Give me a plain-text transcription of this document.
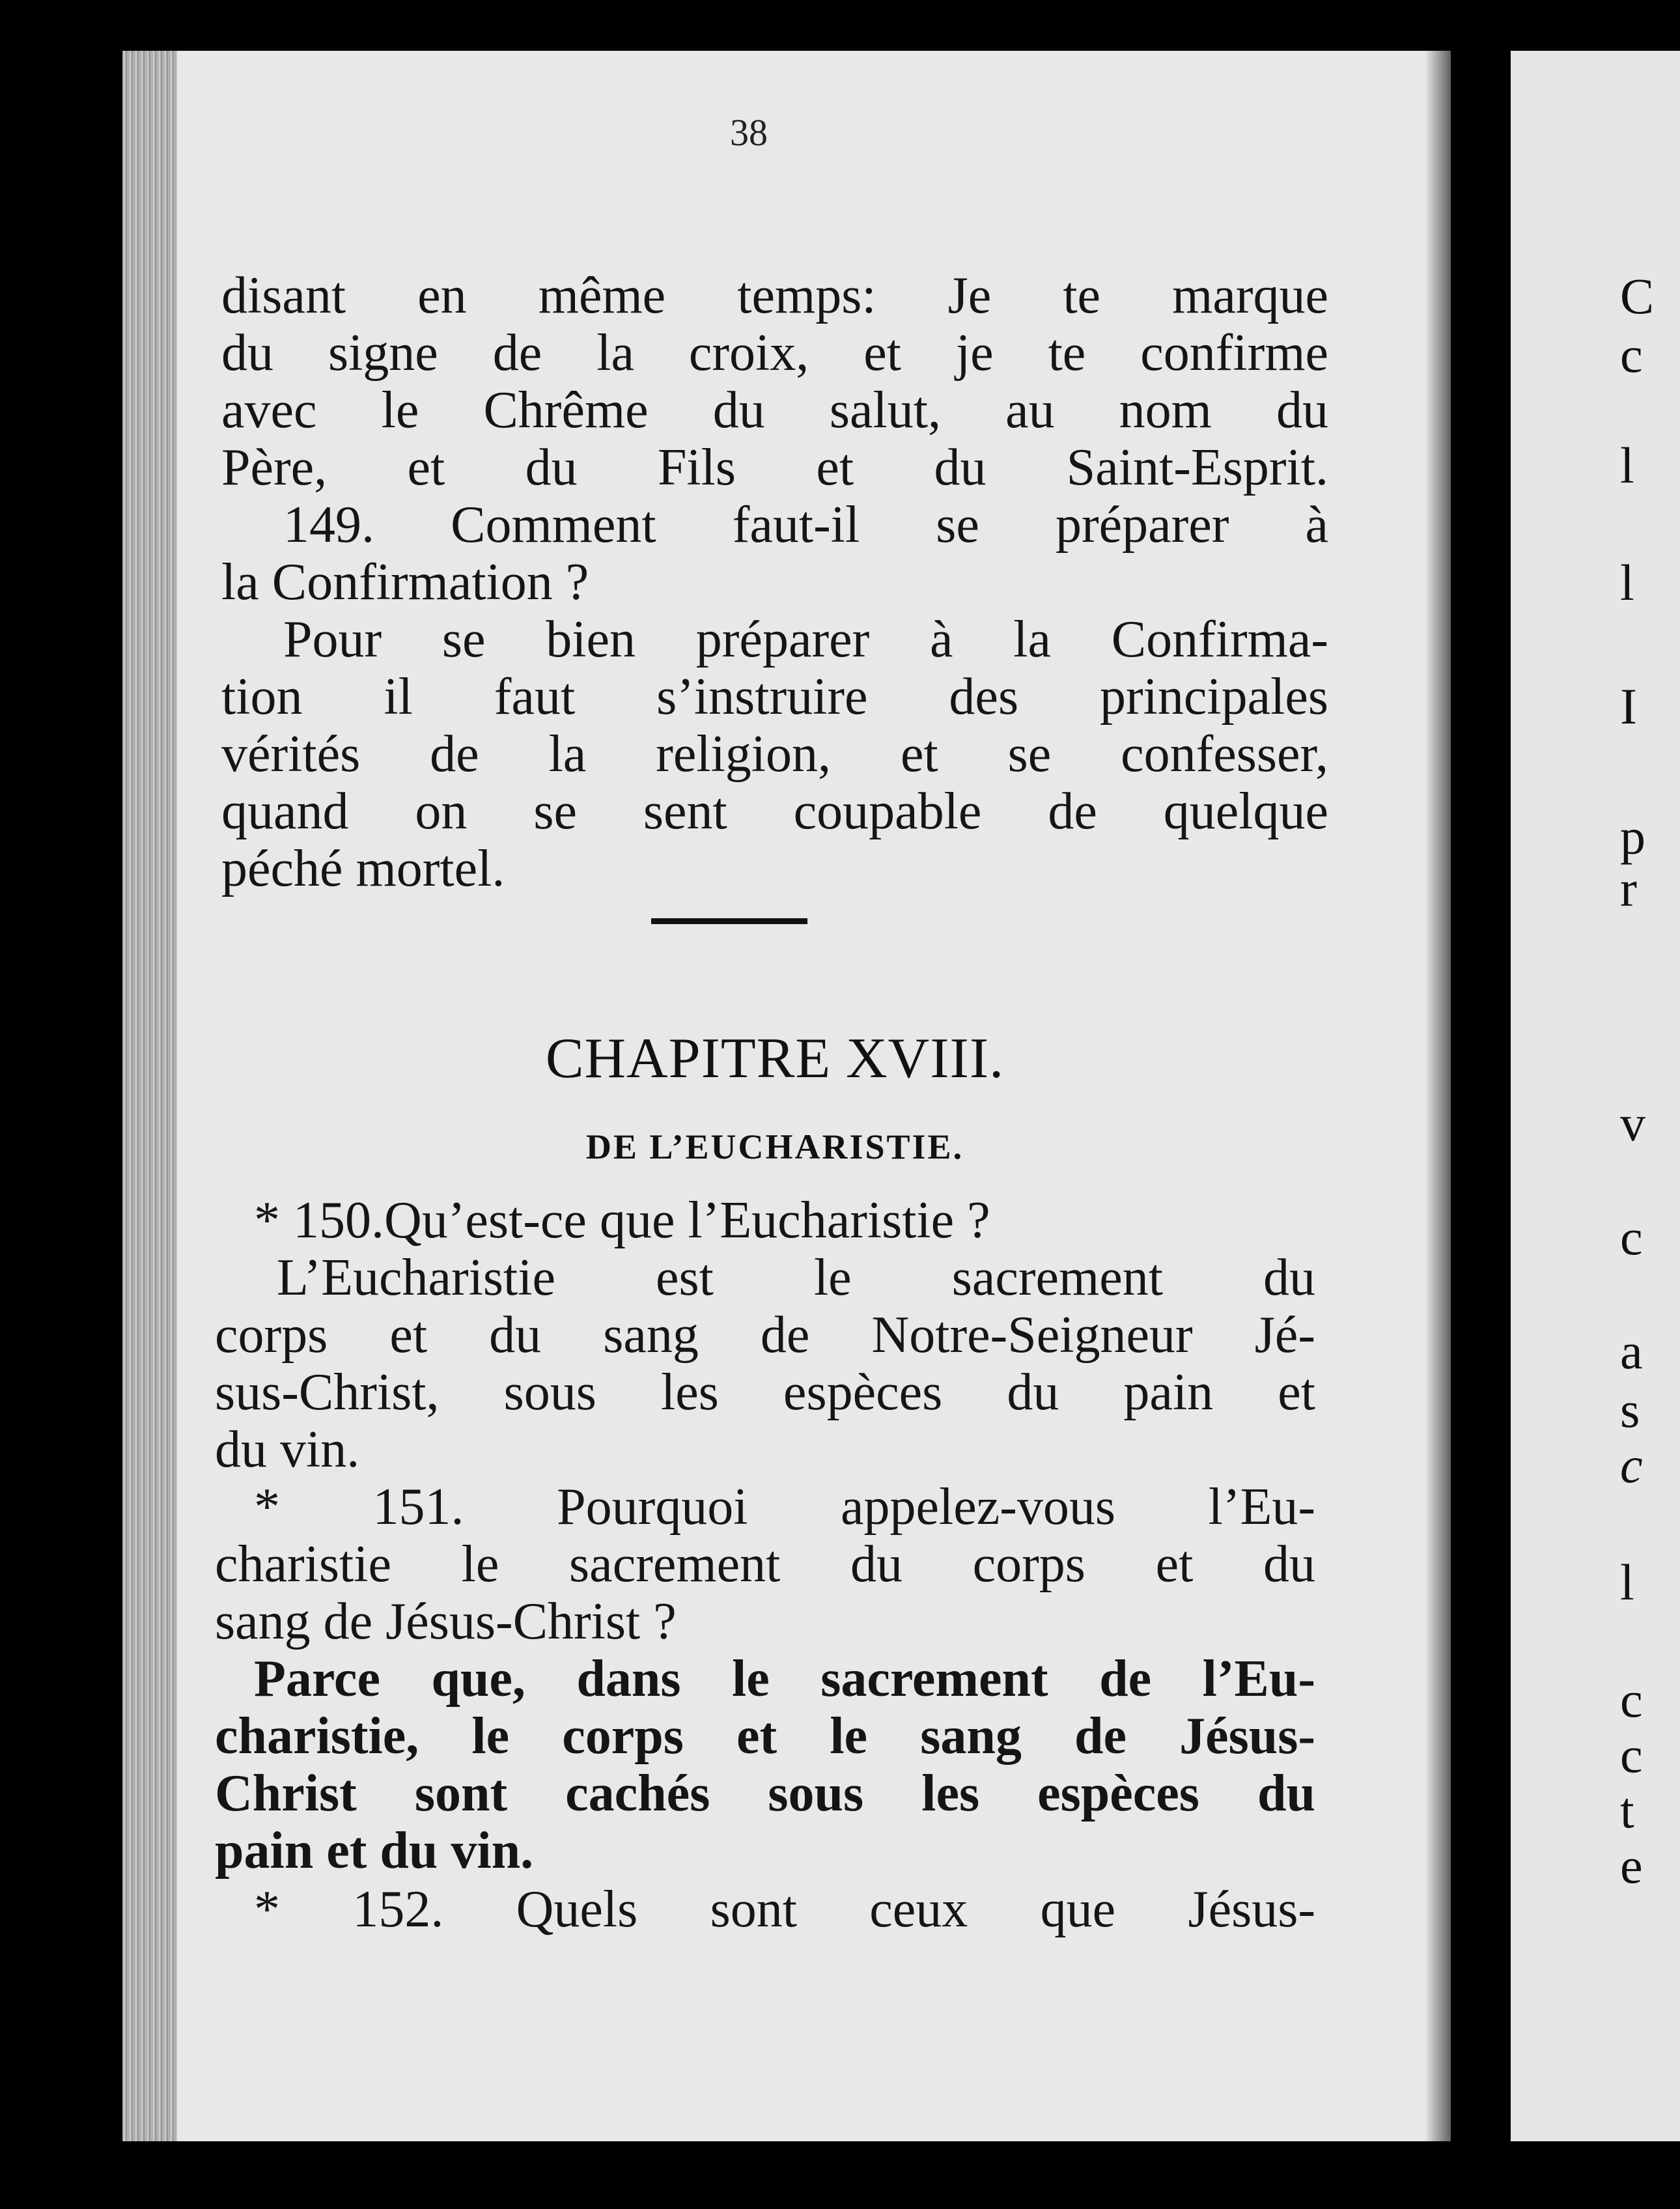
38
disant en même temps: Je te marque
du signe de la croix, et je te confirme
avec le Chrême du salut, au nom du
Père, et du Fils et du Saint-Esprit.
149. Comment faut-il se préparer à
la Confirmation ?
Pour se bien préparer à la Confirma-
tion il faut s’instruire des principales
vérités de la religion, et se confesser,
quand on se sent coupable de quelque
péché mortel.
CHAPITRE XVIII.
DE L’EUCHARISTIE.
* 150.Qu’est-ce que l’Eucharistie ?
L’Eucharistie est le sacrement du
corps et du sang de Notre-Seigneur Jé-
sus-Christ, sous les espèces du pain et
du vin.
* 151. Pourquoi appelez-vous l’Eu-
charistie le sacrement du corps et du
sang de Jésus-Christ ?
Parce que, dans le sacrement de l’Eu-
charistie, le corps et le sang de Jésus-
Christ sont cachés sous les espèces du
pain et du vin.
* 152. Quels sont ceux que Jésus-
C
c
l
l
I
p
r
v
c
a
s
c
l
c
c
t
e
